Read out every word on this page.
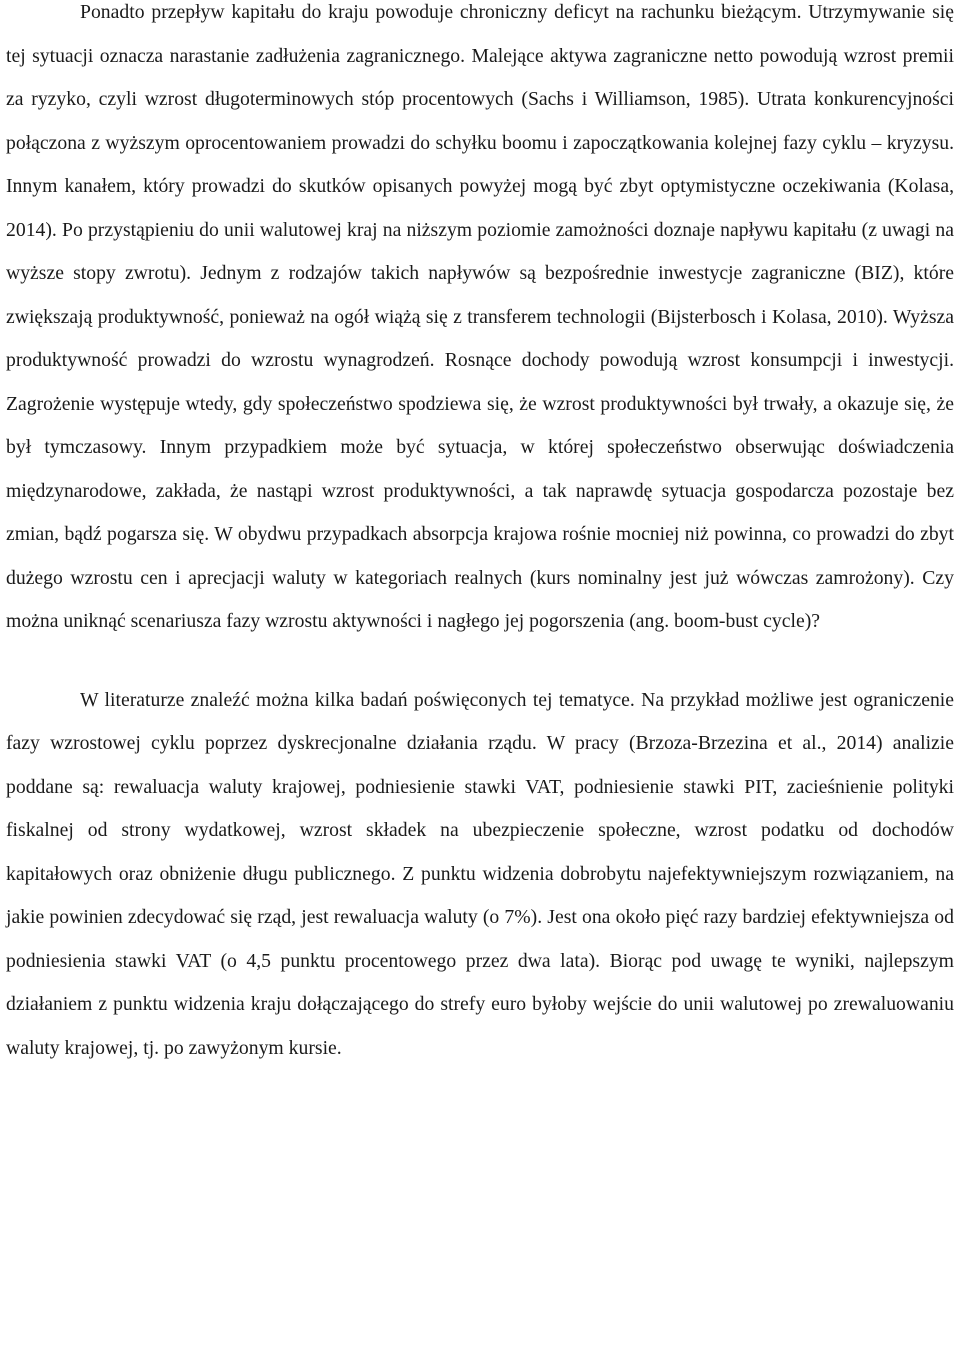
Ponadto przepływ kapitału do kraju powoduje chroniczny deficyt na rachunku bieżącym. Utrzymywanie się tej sytuacji oznacza narastanie zadłużenia zagranicznego. Malejące aktywa zagraniczne netto powodują wzrost premii za ryzyko, czyli wzrost długoterminowych stóp procentowych (Sachs i Williamson, 1985). Utrata konkurencyjności połączona z wyższym oprocentowaniem prowadzi do schyłku boomu i zapoczątkowania kolejnej fazy cyklu – kryzysu. Innym kanałem, który prowadzi do skutków opisanych powyżej mogą być zbyt optymistyczne oczekiwania (Kolasa, 2014). Po przystąpieniu do unii walutowej kraj na niższym poziomie zamożności doznaje napływu kapitału (z uwagi na wyższe stopy zwrotu). Jednym z rodzajów takich napływów są bezpośrednie inwestycje zagraniczne (BIZ), które zwiększają produktywność, ponieważ na ogół wiążą się z transferem technologii (Bijsterbosch i Kolasa, 2010). Wyższa produktywność prowadzi do wzrostu wynagrodzeń. Rosnące dochody powodują wzrost konsumpcji i inwestycji. Zagrożenie występuje wtedy, gdy społeczeństwo spodziewa się, że wzrost produktywności był trwały, a okazuje się, że był tymczasowy. Innym przypadkiem może być sytuacja, w której społeczeństwo obserwując doświadczenia międzynarodowe, zakłada, że nastąpi wzrost produktywności, a tak naprawdę sytuacja gospodarcza pozostaje bez zmian, bądź pogarsza się. W obydwu przypadkach absorpcja krajowa rośnie mocniej niż powinna, co prowadzi do zbyt dużego wzrostu cen i aprecjacji waluty w kategoriach realnych (kurs nominalny jest już wówczas zamrożony). Czy można uniknąć scenariusza fazy wzrostu aktywności i nagłego jej pogorszenia (ang. boom-bust cycle)?

W literaturze znaleźć można kilka badań poświęconych tej tematyce. Na przykład możliwe jest ograniczenie fazy wzrostowej cyklu poprzez dyskrecjonalne działania rządu. W pracy (Brzoza-Brzezina et al., 2014) analizie poddane są: rewaluacja waluty krajowej, podniesienie stawki VAT, podniesienie stawki PIT, zacieśnienie polityki fiskalnej od strony wydatkowej, wzrost składek na ubezpieczenie społeczne, wzrost podatku od dochodów kapitałowych oraz obniżenie długu publicznego. Z punktu widzenia dobrobytu najefektywniejszym rozwiązaniem, na jakie powinien zdecydować się rząd, jest rewaluacja waluty (o 7%). Jest ona około pięć razy bardziej efektywniejsza od podniesienia stawki VAT (o 4,5 punktu procentowego przez dwa lata). Biorąc pod uwagę te wyniki, najlepszym działaniem z punktu widzenia kraju dołączającego do strefy euro byłoby wejście do unii walutowej po zrewaluowaniu waluty krajowej, tj. po zawyżonym kursie.
